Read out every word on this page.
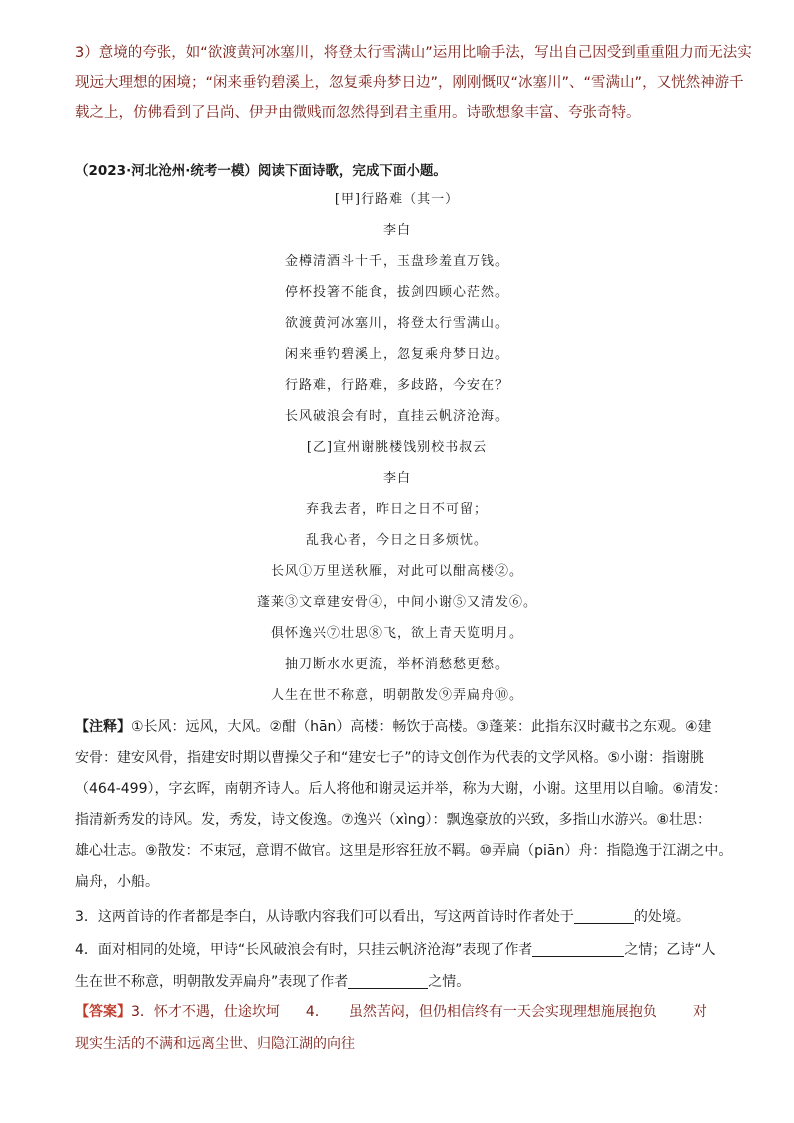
3）意境的夸张，如“欲渡黄河冰塞川，将登太行雪满山”运用比喻手法，写出自己因受到重重阻力而无法实
现远大理想的困境；“闲来垂钓碧溪上，忽复乘舟梦日边”，刚刚慨叹“冰塞川”、“雪满山”，又恍然神游千
载之上，仿佛看到了吕尚、伊尹由微贱而忽然得到君主重用。诗歌想象丰富、夸张奇特。
（2023·河北沧州·统考一模）阅读下面诗歌，完成下面小题。
[甲]行路难（其一）
李白
金樽清酒斗十千，玉盘珍羞直万钱。
停杯投箸不能食，拔剑四顾心茫然。
欲渡黄河冰塞川，将登太行雪满山。
闲来垂钓碧溪上，忽复乘舟梦日边。
行路难，行路难，多歧路，今安在？
长风破浪会有时，直挂云帆济沧海。
[乙]宣州谢脁楼饯别校书叔云
李白
弃我去者，昨日之日不可留；
乱我心者，今日之日多烦忧。
长风①万里送秋雁，对此可以酣高楼②。
蓬莱③文章建安骨④，中间小谢⑤又清发⑥。
俱怀逸兴⑦壮思⑧飞，欲上青天览明月。
抽刀断水水更流，举杯消愁愁更愁。
人生在世不称意，明朝散发⑨弄扁舟⑩。
【注释】①长风：远风，大风。②酣（hān）高楼：畅饮于高楼。③蓬莱：此指东汉时藏书之东观。④建
安骨：建安风骨，指建安时期以曹操父子和“建安七子”的诗文创作为代表的文学风格。⑤小谢：指谢朓
（464-499），字玄晖，南朝齐诗人。后人将他和谢灵运并举，称为大谢，小谢。这里用以自喻。⑥清发：
指清新秀发的诗风。发，秀发，诗文俊逸。⑦逸兴（xìng）：飘逸豪放的兴致，多指山水游兴。⑧壮思：
雄心壮志。⑨散发：不束冠，意谓不做官。这里是形容狂放不羁。⑩弄扁（piān）舟：指隐逸于江湖之中。
扁舟，小船。
3．这两首诗的作者都是李白，从诗歌内容我们可以看出，写这两首诗时作者处于	的处境。
4．面对相同的处境，甲诗“长风破浪会有时，只挂云帆济沧海”表现了作者	之情；乙诗“人
生在世不称意，明朝散发弄扁舟”表现了作者	之情。
【答案】3．怀才不遇，仕途坎坷 4． 虽然苦闷，但仍相信终有一天会实现理想施展抱负	对
现实生活的不满和远离尘世、归隐江湖的向往
